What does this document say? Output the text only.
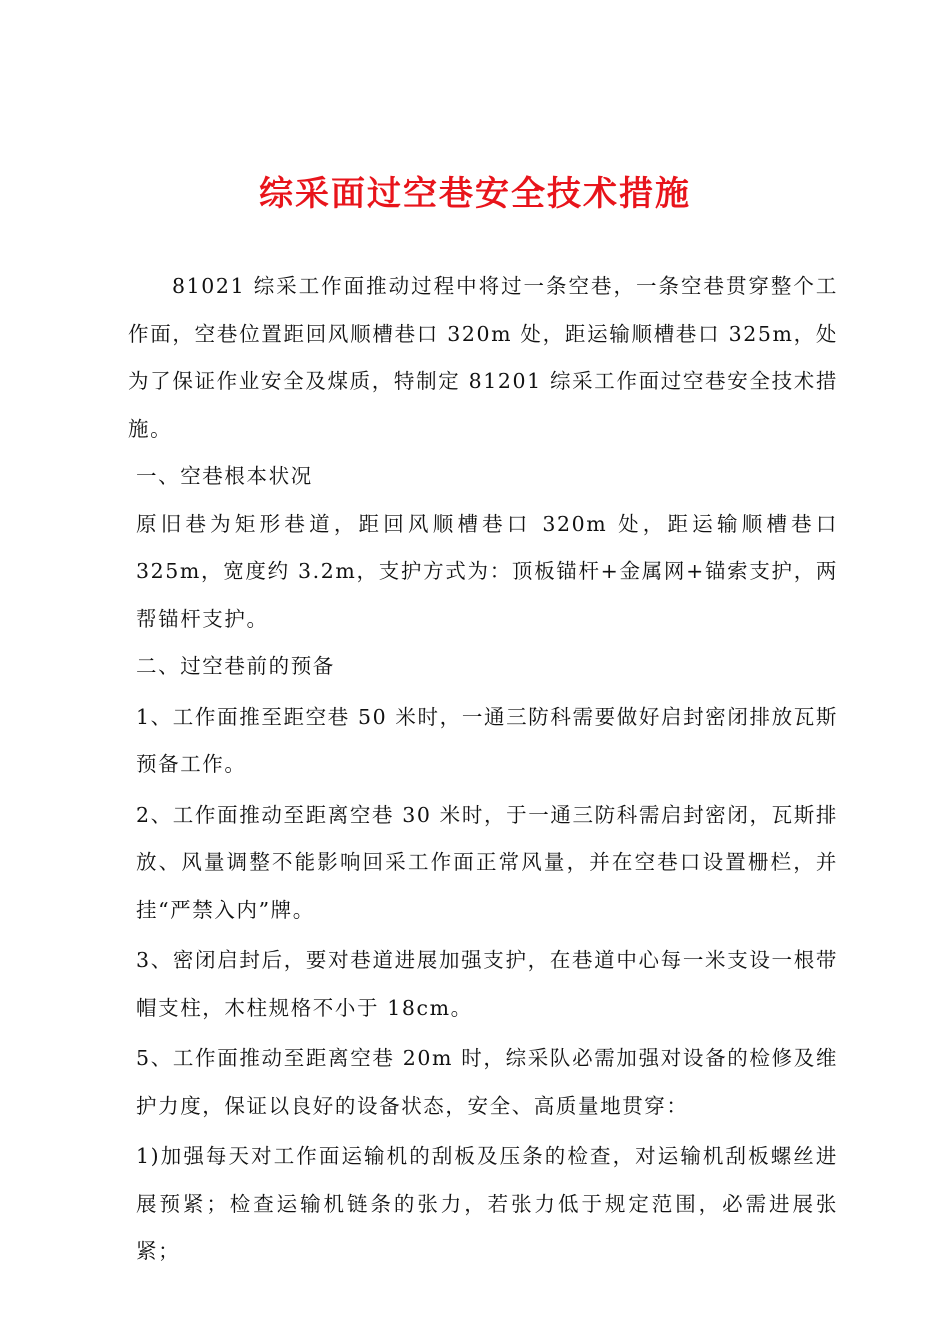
综采面过空巷安全技术措施

81021 综采工作面推动过程中将过一条空巷，一条空巷贯穿整个工作面，空巷位置距回风顺槽巷口 320m 处，距运输顺槽巷口 325m，处为了保证作业安全及煤质，特制定 81201 综采工作面过空巷安全技术措施。

一、空巷根本状况

原旧巷为矩形巷道，距回风顺槽巷口 320m 处，距运输顺槽巷口 325m，宽度约 3.2m，支护方式为：顶板锚杆+金属网+锚索支护，两帮锚杆支护。

二、过空巷前的预备

1、工作面推至距空巷 50 米时，一通三防科需要做好启封密闭排放瓦斯预备工作。

2、工作面推动至距离空巷 30 米时，于一通三防科需启封密闭，瓦斯排放、风量调整不能影响回采工作面正常风量，并在空巷口设置栅栏，并挂“严禁入内”牌。

3、密闭启封后，要对巷道进展加强支护，在巷道中心每一米支设一根带帽支柱，木柱规格不小于 18cm。

5、工作面推动至距离空巷 20m 时，综采队必需加强对设备的检修及维护力度，保证以良好的设备状态，安全、高质量地贯穿：

1)加强每天对工作面运输机的刮板及压条的检查，对运输机刮板螺丝进展预紧；检查运输机链条的张力，若张力低于规定范围，必需进展张紧；
